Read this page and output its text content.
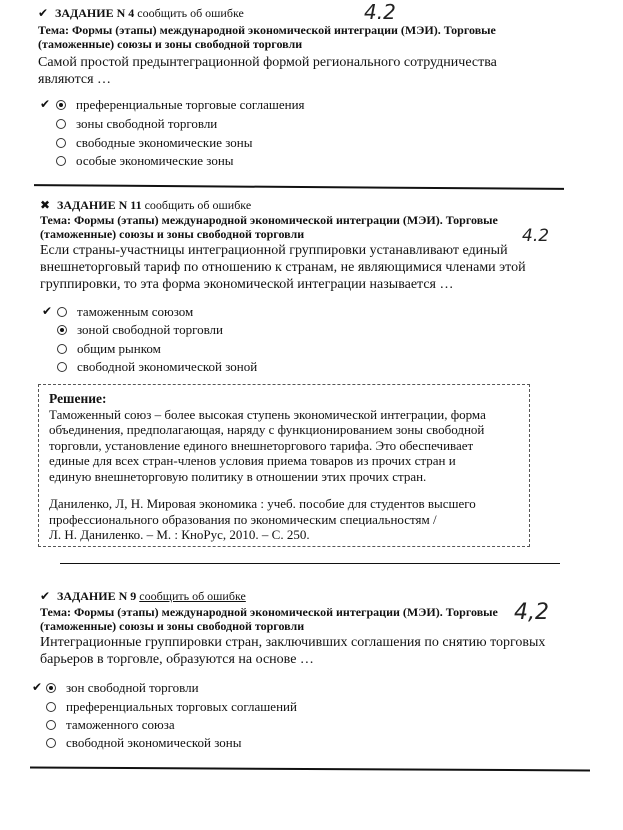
✔ ЗАДАНИЕ N 4 сообщить об ошибке	4.2
Тема: Формы (этапы) международной экономической интеграции (МЭИ). Торговые
(таможенные) союзы и зоны свободной торговли
Самой простой предынтеграционной формой регионального сотрудничества
являются …
✔ преференциальные торговые соглашения
зоны свободной торговли
свободные экономические зоны
особые экономические зоны
✖ ЗАДАНИЕ N 11 сообщить об ошибке
4.2
Тема: Формы (этапы) международной экономической интеграции (МЭИ). Торговые
(таможенные) союзы и зоны свободной торговли
Если страны-участницы интеграционной группировки устанавливают единый
внешнеторговый тариф по отношению к странам, не являющимися членами этой
группировки, то эта форма экономической интеграции называется …
✔ таможенным союзом
зоной свободной торговли
общим рынком
свободной экономической зоной
Решение:

Таможенный союз – более высокая ступень экономической интеграции, форма

объединения, предполагающая, наряду с функционированием зоны свободной

торговли, установление единого внешнеторгового тарифа. Это обеспечивает

единые для всех стран-членов условия приема товаров из прочих стран и

единую внешнеторговую политику в отношении этих прочих стран.

Даниленко, Л, Н. Мировая экономика : учеб. пособие для студентов высшего

профессионального образования по экономическим специальностям /

Л. Н. Даниленко. – М. : КноРус, 2010. – С. 250.

✔ ЗАДАНИЕ N 9 сообщить об ошибке
4,2
Тема: Формы (этапы) международной экономической интеграции (МЭИ). Торговые
(таможенные) союзы и зоны свободной торговли
Интеграционные группировки стран, заключивших соглашения по снятию торговых
барьеров в торговле, образуются на основе …
✔ зон свободной торговли
преференциальных торговых соглашений
таможенного союза
свободной экономической зоны
